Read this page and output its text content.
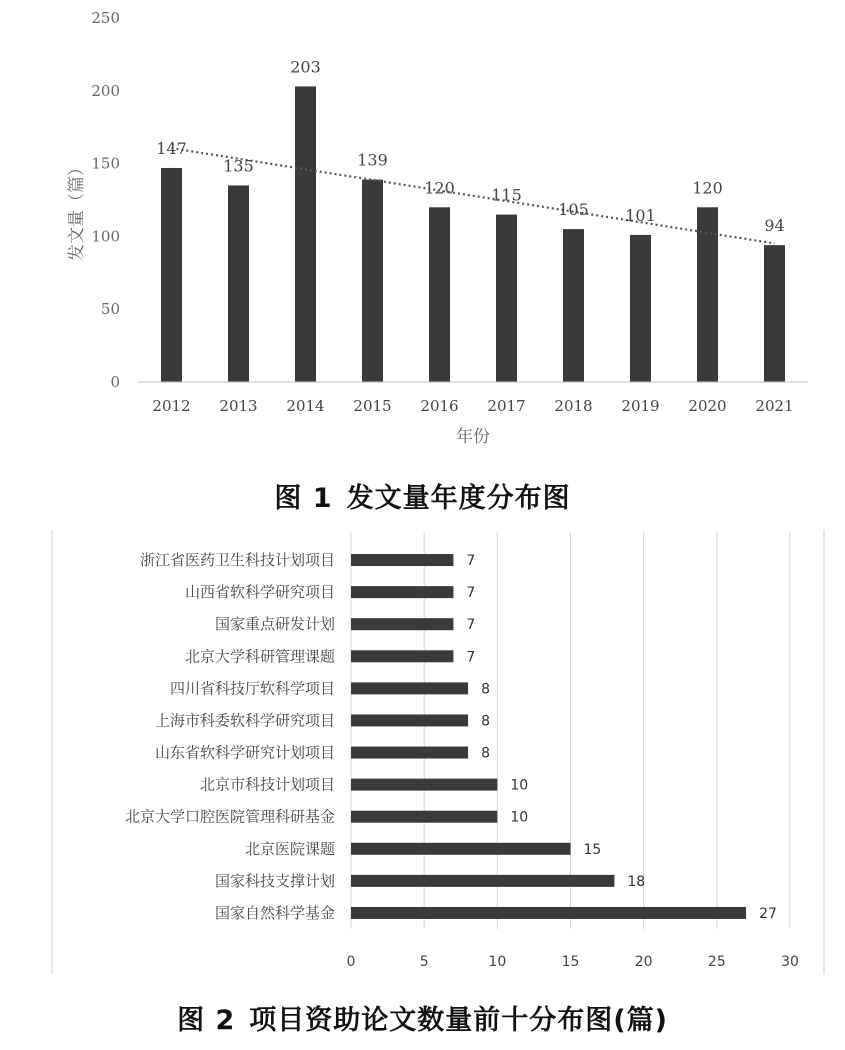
0
50
100
150
200
250
147
135
203
139
120 115
105 101
120
94
2012 2013 2014 2015 2016 2017 2018 2019 2020 2021
发文量（篇）
年份
图 1 发文量年度分布图
浙江省医药卫生科技计划项目
山西省软科学研究项目
国家重点研发计划
北京大学科研管理课题
四川省科技厅软科学项目
上海市科委软科学研究项目
山东省软科学研究计划项目
北京市科技计划项目
北京大学口腔医院管理科研基金
北京医院课题
国家科技支撑计划
国家自然科学基金
7
7
7
7
8
8
8
10
10
15
18
27
0	5	10	15	20	25	30
图 2 项目资助论文数量前十分布图(篇)
